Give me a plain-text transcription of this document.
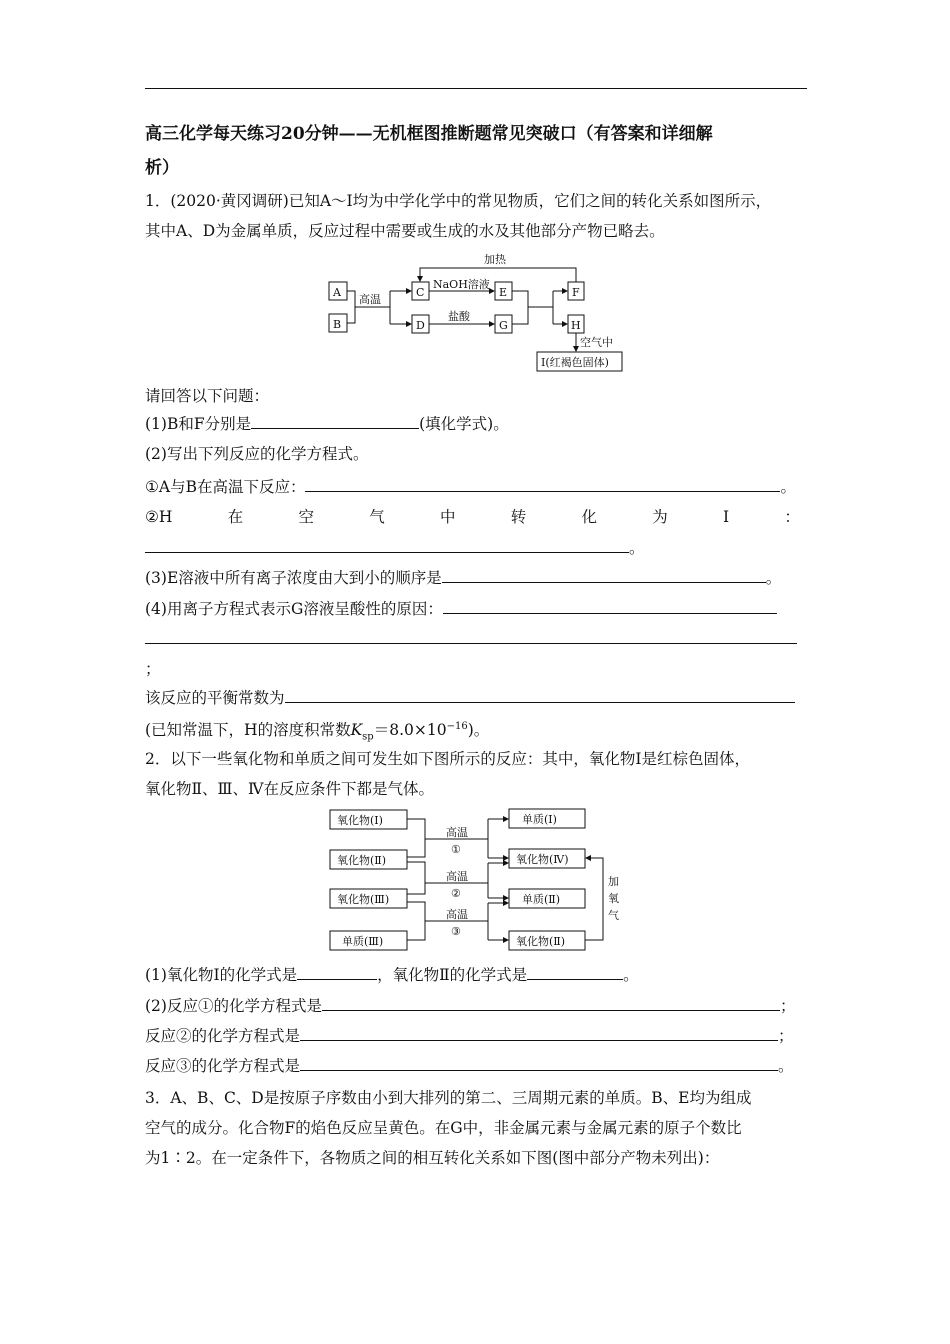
高三化学每天练习20分钟——无机框图推断题常见突破口（有答案和详细解
析）
1．(2020·黄冈调研)已知A～I均为中学化学中的常见物质，它们之间的转化关系如图所示，
其中A、D为金属单质，反应过程中需要或生成的水及其他部分产物已略去。
A
B
C
D
E
G
F
H
I(红褐色固体)
高温
NaOH溶液
盐酸
加热
空气中
请回答以下问题：
(1)B和F分别是	(填化学式)。
(2)写出下列反应的化学方程式。
①A与B在高温下反应：	。
②H	在	空	气	中	转	化	为	I	：
。
(3)E溶液中所有离子浓度由大到小的顺序是	。
(4)用离子方程式表示G溶液呈酸性的原因：
；
该反应的平衡常数为
(已知常温下，H的溶度积常数$K_{sp}=8.0\times 10^{-16}$)。
2．以下一些氧化物和单质之间可发生如下图所示的反应：其中，氧化物Ⅰ是红棕色固体，
氧化物Ⅱ、Ⅲ、Ⅳ在反应条件下都是气体。
氧化物(Ⅰ)
氧化物(Ⅱ)
氧化物(Ⅲ)
单质(Ⅲ)
单质(Ⅰ)
氧化物(Ⅳ)
单质(Ⅱ)
氧化物(Ⅱ)
高温
①
高温
②
高温
③
加
氧
气
(1)氧化物Ⅰ的化学式是	，氧化物Ⅱ的化学式是	。
(2)反应①的化学方程式是	；
反应②的化学方程式是	；
反应③的化学方程式是	。
3．A、B、C、D是按原子序数由小到大排列的第二、三周期元素的单质。B、E均为组成
空气的成分。化合物F的焰色反应呈黄色。在G中，非金属元素与金属元素的原子个数比
为1∶2。在一定条件下，各物质之间的相互转化关系如下图(图中部分产物未列出)：
